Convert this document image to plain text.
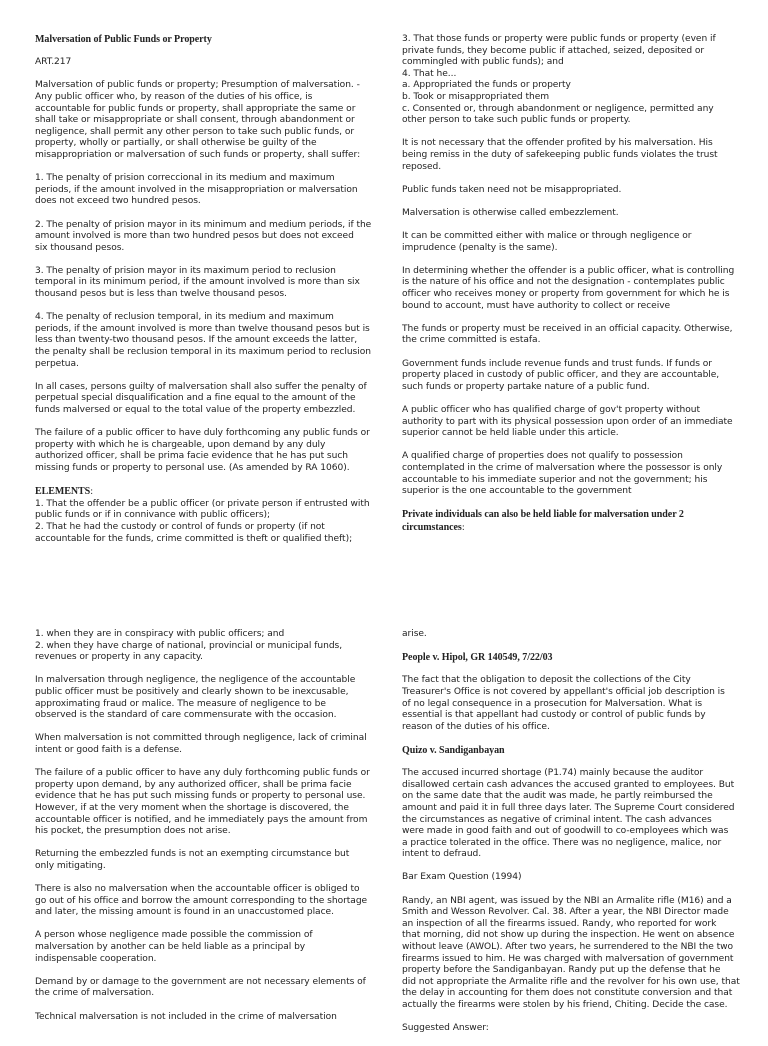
Malversation of Public Funds or Property

ART.217

Malversation of public funds or property; Presumption of malversation. -
Any public officer who, by reason of the duties of his office, is
accountable for public funds or property, shall appropriate the same or
shall take or misappropriate or shall consent, through abandonment or
negligence, shall permit any other person to take such public funds, or
property, wholly or partially, or shall otherwise be guilty of the
misappropriation or malversation of such funds or property, shall suffer:

1. The penalty of prision correccional in its medium and maximum
periods, if the amount involved in the misappropriation or malversation
does not exceed two hundred pesos.

2. The penalty of prision mayor in its minimum and medium periods, if the
amount involved is more than two hundred pesos but does not exceed
six thousand pesos.

3. The penalty of prision mayor in its maximum period to reclusion
temporal in its minimum period, if the amount involved is more than six
thousand pesos but is less than twelve thousand pesos.

4. The penalty of reclusion temporal, in its medium and maximum
periods, if the amount involved is more than twelve thousand pesos but is
less than twenty-two thousand pesos. If the amount exceeds the latter,
the penalty shall be reclusion temporal in its maximum period to reclusion
perpetua.

In all cases, persons guilty of malversation shall also suffer the penalty of
perpetual special disqualification and a fine equal to the amount of the
funds malversed or equal to the total value of the property embezzled.

The failure of a public officer to have duly forthcoming any public funds or
property with which he is chargeable, upon demand by any duly
authorized officer, shall be prima facie evidence that he has put such
missing funds or property to personal use. (As amended by RA 1060).

ELEMENTS:

1. That the offender be a public officer (or private person if entrusted with
public funds or if in connivance with public officers);

2. That he had the custody or control of funds or property (if not
accountable for the funds, crime committed is theft or qualified theft);

3. That those funds or property were public funds or property (even if
private funds, they become public if attached, seized, deposited or
commingled with public funds); and
4. That he...
a. Appropriated the funds or property
b. Took or misappropriated them
c. Consented or, through abandonment or negligence, permitted any
other person to take such public funds or property.

It is not necessary that the offender profited by his malversation. His
being remiss in the duty of safekeeping public funds violates the trust
reposed.

Public funds taken need not be misappropriated.

Malversation is otherwise called embezzlement.

It can be committed either with malice or through negligence or
imprudence (penalty is the same).

In determining whether the offender is a public officer, what is controlling
is the nature of his office and not the designation - contemplates public
officer who receives money or property from government for which he is
bound to account, must have authority to collect or receive

The funds or property must be received in an official capacity. Otherwise,
the crime committed is estafa.

Government funds include revenue funds and trust funds. If funds or
property placed in custody of public officer, and they are accountable,
such funds or property partake nature of a public fund.

A public officer who has qualified charge of gov't property without
authority to part with its physical possession upon order of an immediate
superior cannot be held liable under this article.

A qualified charge of properties does not qualify to possession
contemplated in the crime of malversation where the possessor is only
accountable to his immediate superior and not the government; his
superior is the one accountable to the government

Private individuals can also be held liable for malversation under 2
circumstances:

1. when they are in conspiracy with public officers; and
2. when they have charge of national, provincial or municipal funds,
revenues or property in any capacity.

In malversation through negligence, the negligence of the accountable
public officer must be positively and clearly shown to be inexcusable,
approximating fraud or malice. The measure of negligence to be
observed is the standard of care commensurate with the occasion.

When malversation is not committed through negligence, lack of criminal
intent or good faith is a defense.

The failure of a public officer to have any duly forthcoming public funds or
property upon demand, by any authorized officer, shall be prima facie
evidence that he has put such missing funds or property to personal use.
However, if at the very moment when the shortage is discovered, the
accountable officer is notified, and he immediately pays the amount from
his pocket, the presumption does not arise.

Returning the embezzled funds is not an exempting circumstance but
only mitigating.

There is also no malversation when the accountable officer is obliged to
go out of his office and borrow the amount corresponding to the shortage
and later, the missing amount is found in an unaccustomed place.

A person whose negligence made possible the commission of
malversation by another can be held liable as a principal by
indispensable cooperation.

Demand by or damage to the government are not necessary elements of
the crime of malversation.

Technical malversation is not included in the crime of malversation

arise.

People v. Hipol, GR 140549, 7/22/03

The fact that the obligation to deposit the collections of the City
Treasurer's Office is not covered by appellant's official job description is
of no legal consequence in a prosecution for Malversation. What is
essential is that appellant had custody or control of public funds by
reason of the duties of his office.

Quizo v. Sandiganbayan

The accused incurred shortage (P1.74) mainly because the auditor
disallowed certain cash advances the accused granted to employees. But
on the same date that the audit was made, he partly reimbursed the
amount and paid it in full three days later. The Supreme Court considered
the circumstances as negative of criminal intent. The cash advances
were made in good faith and out of goodwill to co-employees which was
a practice tolerated in the office. There was no negligence, malice, nor
intent to defraud.

Bar Exam Question (1994)

Randy, an NBI agent, was issued by the NBI an Armalite rifle (M16) and a
Smith and Wesson Revolver. Cal. 38. After a year, the NBI Director made
an inspection of all the firearms issued. Randy, who reported for work
that morning, did not show up during the inspection. He went on absence
without leave (AWOL). After two years, he surrendered to the NBI the two
firearms issued to him. He was charged with malversation of government
property before the Sandiganbayan. Randy put up the defense that he
did not appropriate the Armalite rifle and the revolver for his own use, that
the delay in accounting for them does not constitute conversion and that
actually the firearms were stolen by his friend, Chiting. Decide the case.

Suggested Answer:
